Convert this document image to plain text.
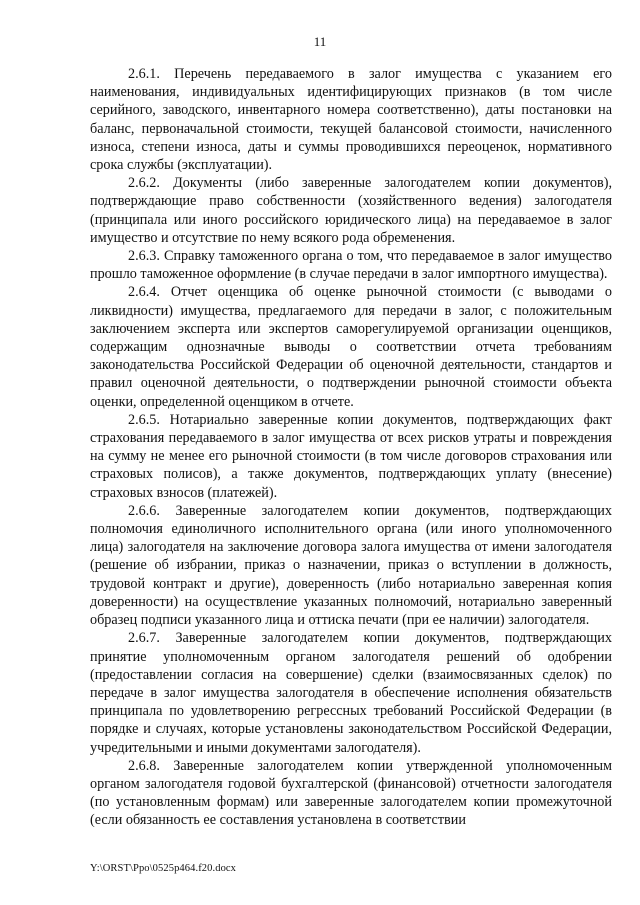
11

2.6.1. Перечень передаваемого в залог имущества с указанием его наименования, индивидуальных идентифицирующих признаков (в том числе серийного, заводского, инвентарного номера соответственно), даты постановки на баланс, первоначальной стоимости, текущей балансовой стоимости, начисленного износа, степени износа, даты и суммы проводившихся переоценок, нормативного срока службы (эксплуатации).

2.6.2. Документы (либо заверенные залогодателем копии документов), подтверждающие право собственности (хозяйственного ведения) залогодателя (принципала или иного российского юридического лица) на передаваемое в залог имущество и отсутствие по нему всякого рода обременения.

2.6.3. Справку таможенного органа о том, что передаваемое в залог имущество прошло таможенное оформление (в случае передачи в залог импортного имущества).

2.6.4. Отчет оценщика об оценке рыночной стоимости (с выводами о ликвидности) имущества, предлагаемого для передачи в залог, с положительным заключением эксперта или экспертов саморегулируемой организации оценщиков, содержащим однозначные выводы о соответствии отчета требованиям законодательства Российской Федерации об оценочной деятельности, стандартов и правил оценочной деятельности, о подтверждении рыночной стоимости объекта оценки, определенной оценщиком в отчете.

2.6.5. Нотариально заверенные копии документов, подтверждающих факт страхования передаваемого в залог имущества от всех рисков утраты и повреждения на сумму не менее его рыночной стоимости (в том числе договоров страхования или страховых полисов), а также документов, подтверждающих уплату (внесение) страховых взносов (платежей).

2.6.6. Заверенные залогодателем копии документов, подтверждающих полномочия единоличного исполнительного органа (или иного уполномоченного лица) залогодателя на заключение договора залога имущества от имени залогодателя (решение об избрании, приказ о назначении, приказ о вступлении в должность, трудовой контракт и другие), доверенность (либо нотариально заверенная копия доверенности) на осуществление указанных полномочий, нотариально заверенный образец подписи указанного лица и оттиска печати (при ее наличии) залогодателя.

2.6.7. Заверенные залогодателем копии документов, подтверждающих принятие уполномоченным органом залогодателя решений об одобрении (предоставлении согласия на совершение) сделки (взаимосвязанных сделок) по передаче в залог имущества залогодателя в обеспечение исполнения обязательств принципала по удовлетворению регрессных требований Российской Федерации (в порядке и случаях, которые установлены законодательством Российской Федерации, учредительными и иными документами залогодателя).

2.6.8. Заверенные залогодателем копии утвержденной уполномоченным органом залогодателя годовой бухгалтерской (финансовой) отчетности залогодателя (по установленным формам) или заверенные залогодателем копии промежуточной (если обязанность ее составления установлена в соответствии

Y:\ORST\Ppo\0525p464.f20.docx
